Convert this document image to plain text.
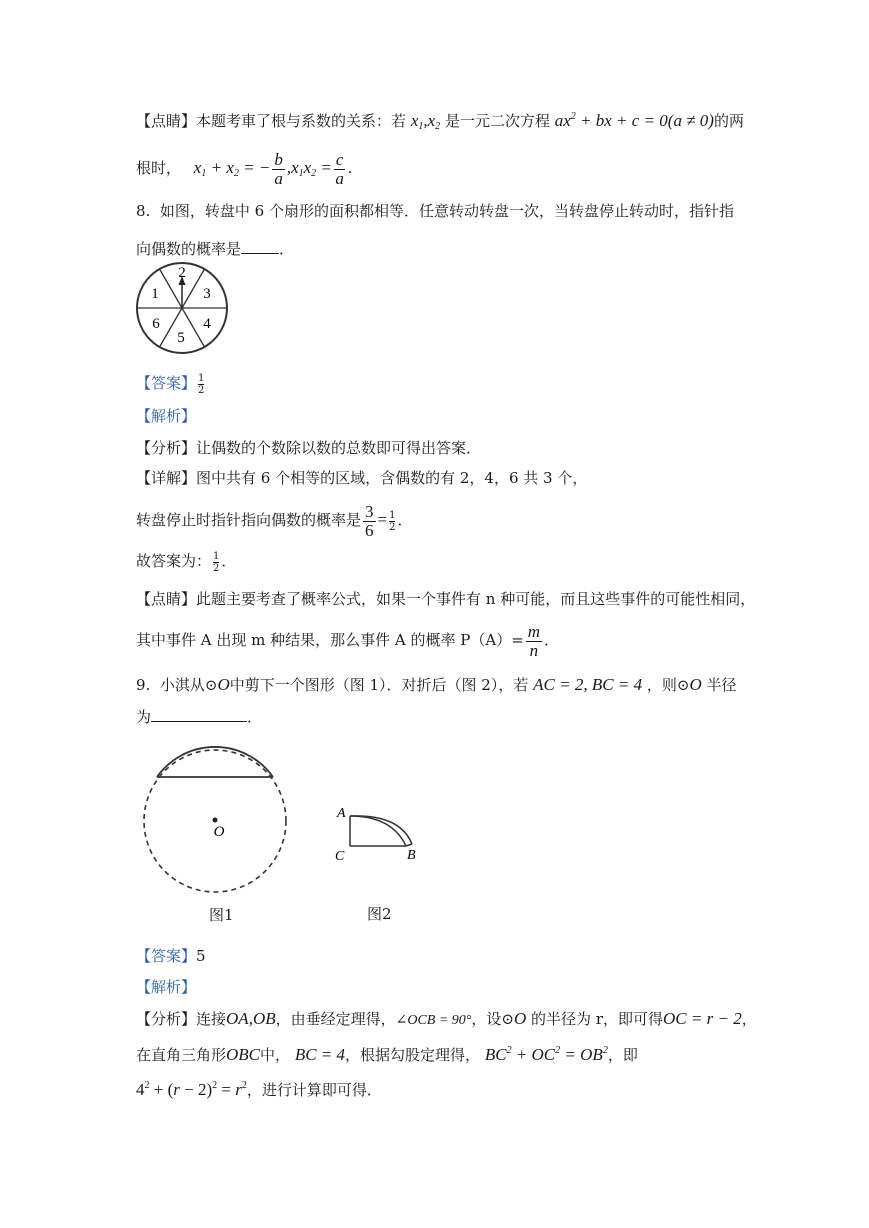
【点睛】本题考車了根与系数的关系：若 $x_1,x_2$ 是一元二次方程 $ax^2$ + bx + c = 0(a ≠ 0)的两
根时， $x_1 + x_2$ = − $\frac{b}{a} ,x_1x_2 = \frac{c}{a}$ .
8. 如图，转盘中 6 个扇形的面积都相等．任意转动转盘一次，当转盘停止转动时，指针指
向偶数的概率是	．
2
3
4
5
6
1
【答案】 $\frac{1}{2}$
【解析】
【分析】让偶数的个数除以数的总数即可得出答案．
【详解】图中共有 6 个相等的区域，含偶数的有 2，4，6 共 3 个，
转盘停止时指针指向偶数的概率是 $\frac{3}{6} = \frac{1}{2}$ ．
故答案为： $\frac{1}{2}$ ．
【点睛】此题主要考查了概率公式，如果一个事件有 n 种可能，而且这些事件的可能性相同，
其中事件 A 出现 m 种结果，那么事件 A 的概率 $P(A)= \frac{m}{n}$ ．
9. 小淇从⊙O中剪下一个图形（图 1）．对折后（图 2），若 AC = 2, BC = 4 ，则⊙O 半径
为	．
O
图1
A
C	B
图2
【答案】5
【解析】
【分析】连接OA,OB，由垂经定理得，∠OCB = 90°，设⊙O 的半径为 r，即可得OC = r − 2，
在直角三角形OBC中， BC = 4，根据勾股定理得， $BC^2 + OC^2 = OB^2$，即
$4^2 + (r - 2)^2 = r^2$，进行计算即可得．
